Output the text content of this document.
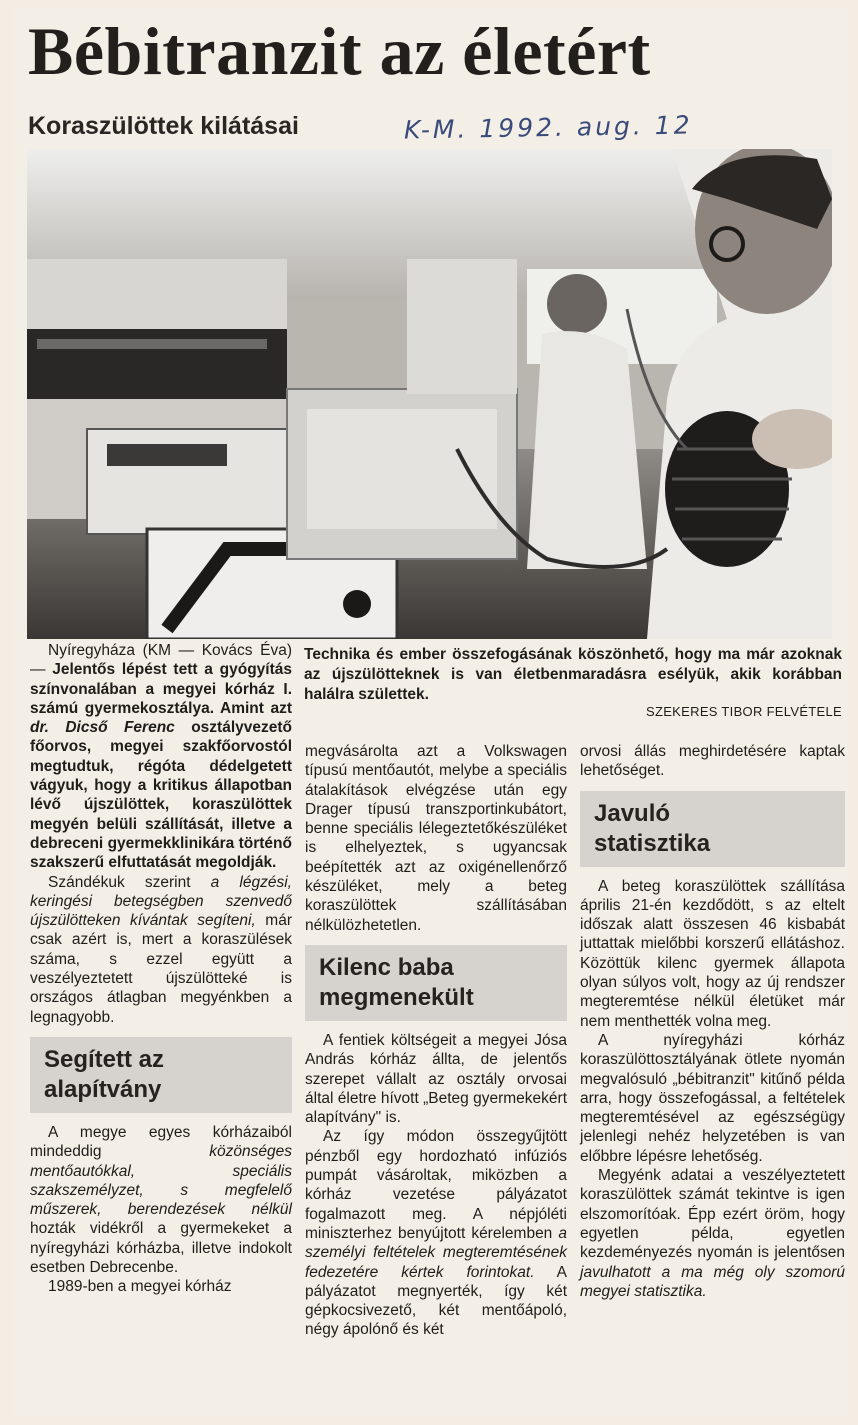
Bébitranzit az életért
Koraszülöttek kilátásai	K-M. 1992. aug. 12

Technika és ember összefogásának köszönhető, hogy ma már azoknak az újszülötteknek is van életbenmaradásra esélyük, akik korábban halálra születtek.

SZEKERES TIBOR FELVÉTELE

Nyíregyháza (KM — Kovács Éva) — Jelentős lépést tett a gyógyítás színvonalában a megyei kórház I. számú gyermekosztálya. Amint azt dr. Dicső Ferenc osztályvezető főorvos, megyei szakfőorvostól megtudtuk, régóta dédelgetett vágyuk, hogy a kritikus állapotban lévő újszülöttek, koraszülöttek megyén belüli szállítását, illetve a debreceni gyermekklinikára történő szakszerű elfuttatását megoldják.

Szándékuk szerint a légzési, keringési betegségben szenvedő újszülötteken kívántak segíteni, már csak azért is, mert a koraszülések száma, s ezzel együtt a veszélyeztetett újszülötteké is országos átlagban megyénkben a legnagyobb.

Segített az
alapítvány

A megye egyes kórházaiból mindeddig	közönséges mentőautókkal, speciális szakszemélyzet, s megfelelő műszerek, berendezések nélkül hozták vidékről a gyermekeket a nyíregyházi kórházba, illetve indokolt esetben Debrecenbe.

1989-ben a megyei kórház

megvásárolta azt a Volkswagen típusú mentőautót, melybe a speciális átalakítások elvégzése után egy Drager típusú transzportinkubátort, benne speciális lélegeztetőkészüléket is elhelyeztek, s ugyancsak beépítették azt az oxigénellenőrző készüléket, mely a beteg koraszülöttek szállításában nélkülözhetetlen.

Kilenc baba
megmenekült

A fentiek költségeit a megyei Jósa András kórház állta, de jelentős szerepet vállalt az osztály orvosai által életre hívott „Beteg gyermekekért alapítvány" is.

Az így módon összegyűjtött pénzből egy hordozható infúziós pumpát vásároltak, miközben a kórház vezetése pályázatot fogalmazott meg. A népjóléti miniszterhez benyújtott kérelemben a személyi feltételek megteremtésének fedezetére kértek forintokat. A pályázatot megnyerték, így két gépkocsivezető, két mentőápoló, négy ápolónő és két

orvosi állás meghirdetésére kaptak lehetőséget.

Javuló
statisztika

A beteg koraszülöttek szállítása április 21-én kezdődött, s az eltelt időszak alatt összesen 46 kisbabát juttattak mielőbbi korszerű ellátáshoz. Közöttük kilenc gyermek állapota olyan súlyos volt, hogy az új rendszer megteremtése nélkül életüket már nem menthették volna meg.

A nyíregyházi kórház koraszülöttosztályának ötlete nyomán megvalósuló „bébitranzit" kitűnő példa arra, hogy összefogással, a feltételek megteremtésével az egészségügy jelenlegi nehéz helyzetében is van előbbre lépésre lehetőség.

Megyénk adatai a veszélyeztetett koraszülöttek számát tekintve is igen elszomorítóak. Épp ezért öröm, hogy egyetlen példa, egyetlen kezdeményezés nyomán is jelentősen javulhatott a ma még oly szomorú megyei statisztika.
